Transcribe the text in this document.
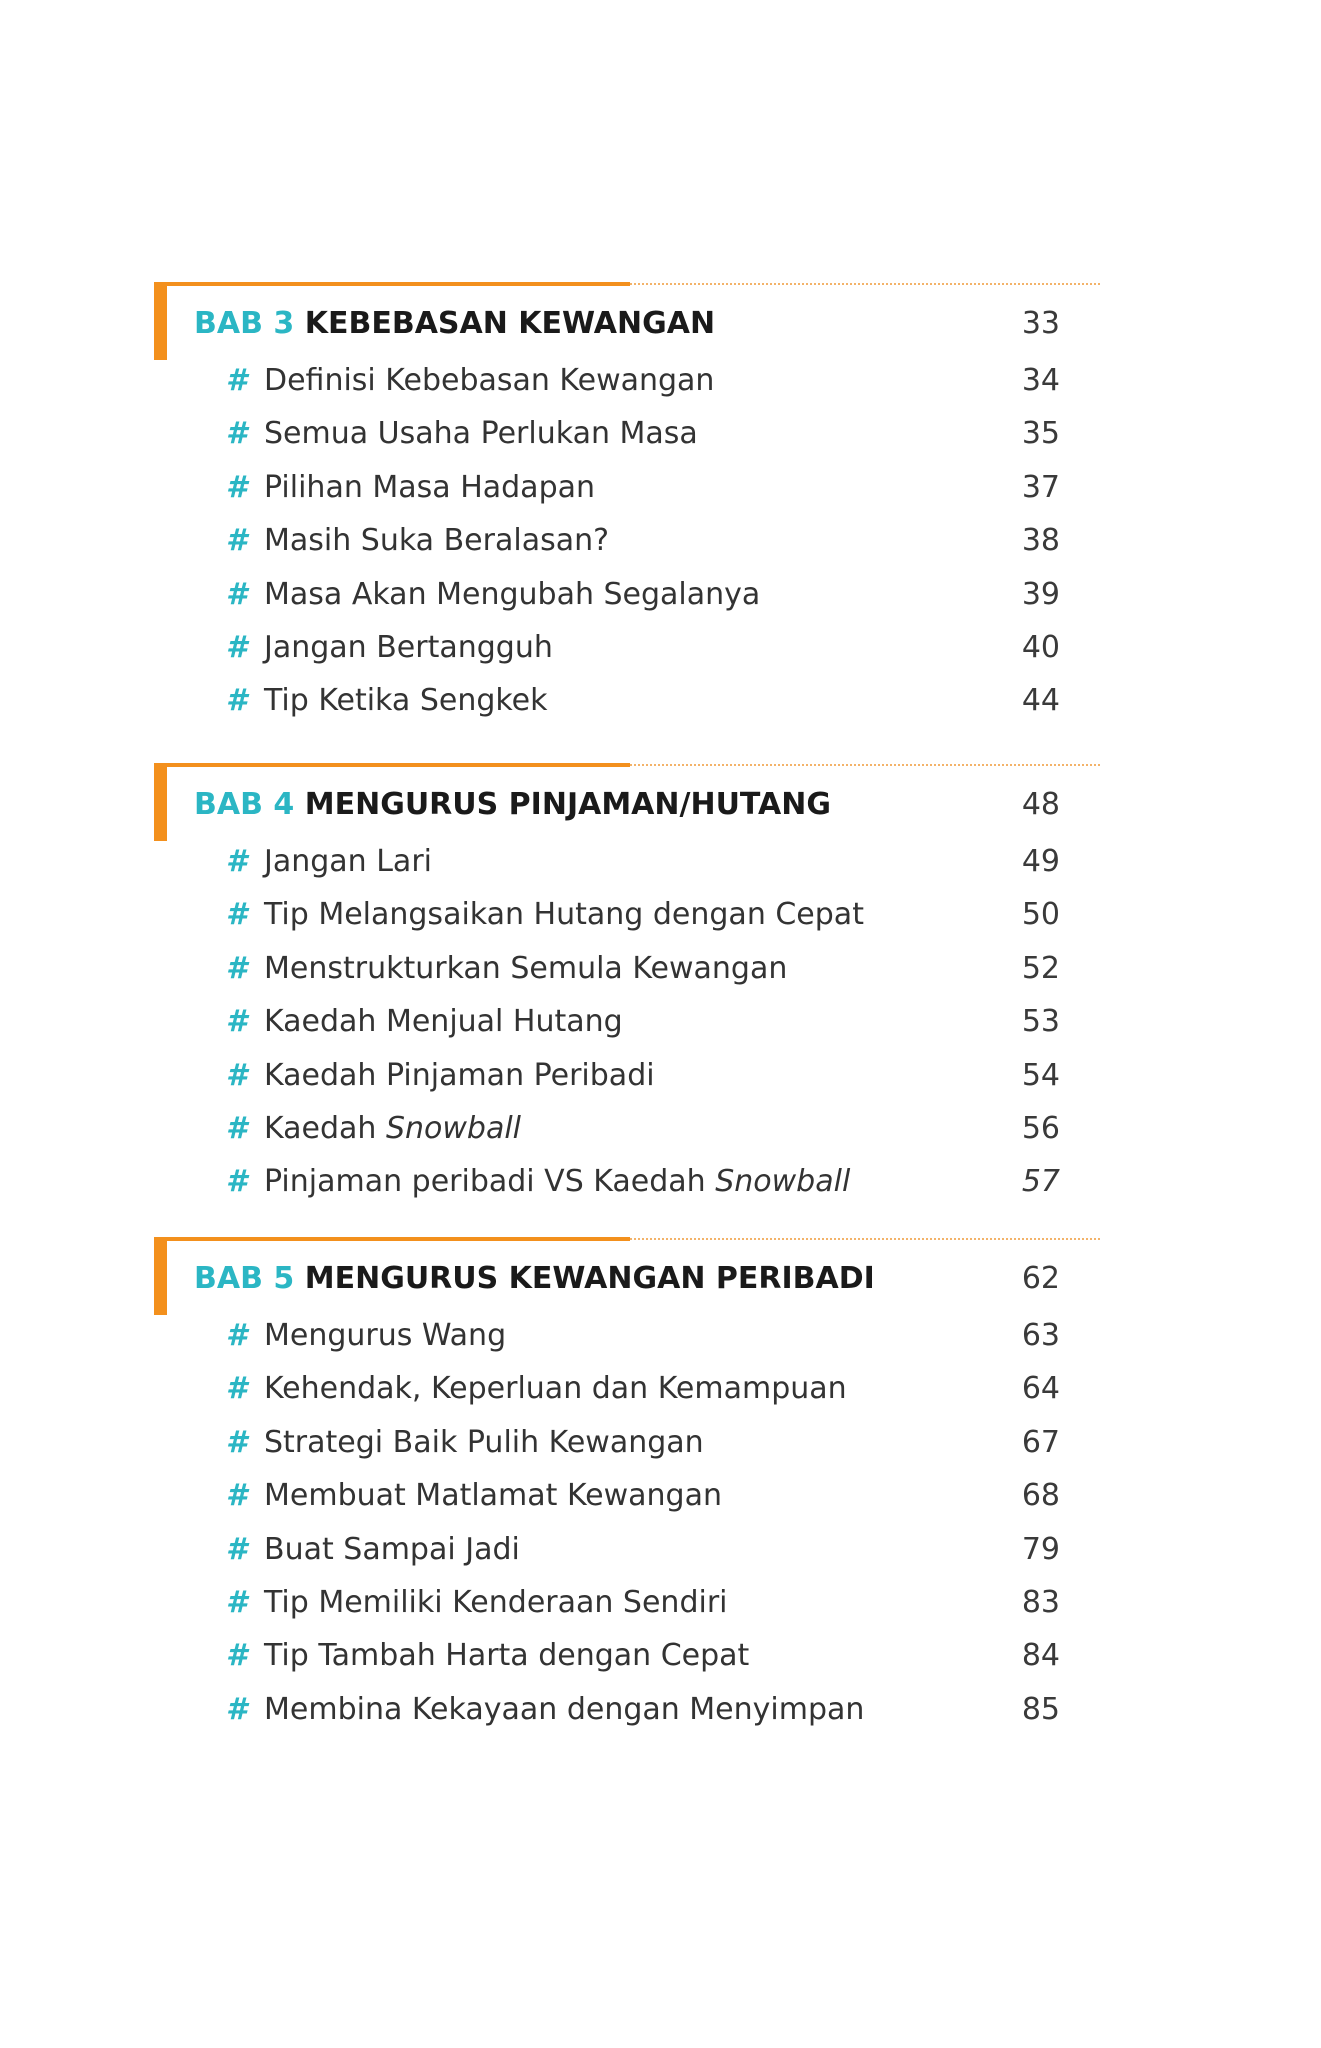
BAB 3 KEBEBASAN KEWANGAN	33
# Definisi Kebebasan Kewangan	34
# Semua Usaha Perlukan Masa	35
# Pilihan Masa Hadapan	37
# Masih Suka Beralasan?	38
# Masa Akan Mengubah Segalanya	39
# Jangan Bertangguh	40
# Tip Ketika Sengkek	44
BAB 4 MENGURUS PINJAMAN/HUTANG	48
# Jangan Lari	49
# Tip Melangsaikan Hutang dengan Cepat	50
# Menstrukturkan Semula Kewangan	52
# Kaedah Menjual Hutang	53
# Kaedah Pinjaman Peribadi	54
# Kaedah Snowball	56
# Pinjaman peribadi VS Kaedah Snowball	57
BAB 5 MENGURUS KEWANGAN PERIBADI	62
# Mengurus Wang	63
# Kehendak, Keperluan dan Kemampuan	64
# Strategi Baik Pulih Kewangan	67
# Membuat Matlamat Kewangan	68
# Buat Sampai Jadi	79
# Tip Memiliki Kenderaan Sendiri	83
# Tip Tambah Harta dengan Cepat	84
# Membina Kekayaan dengan Menyimpan	85
